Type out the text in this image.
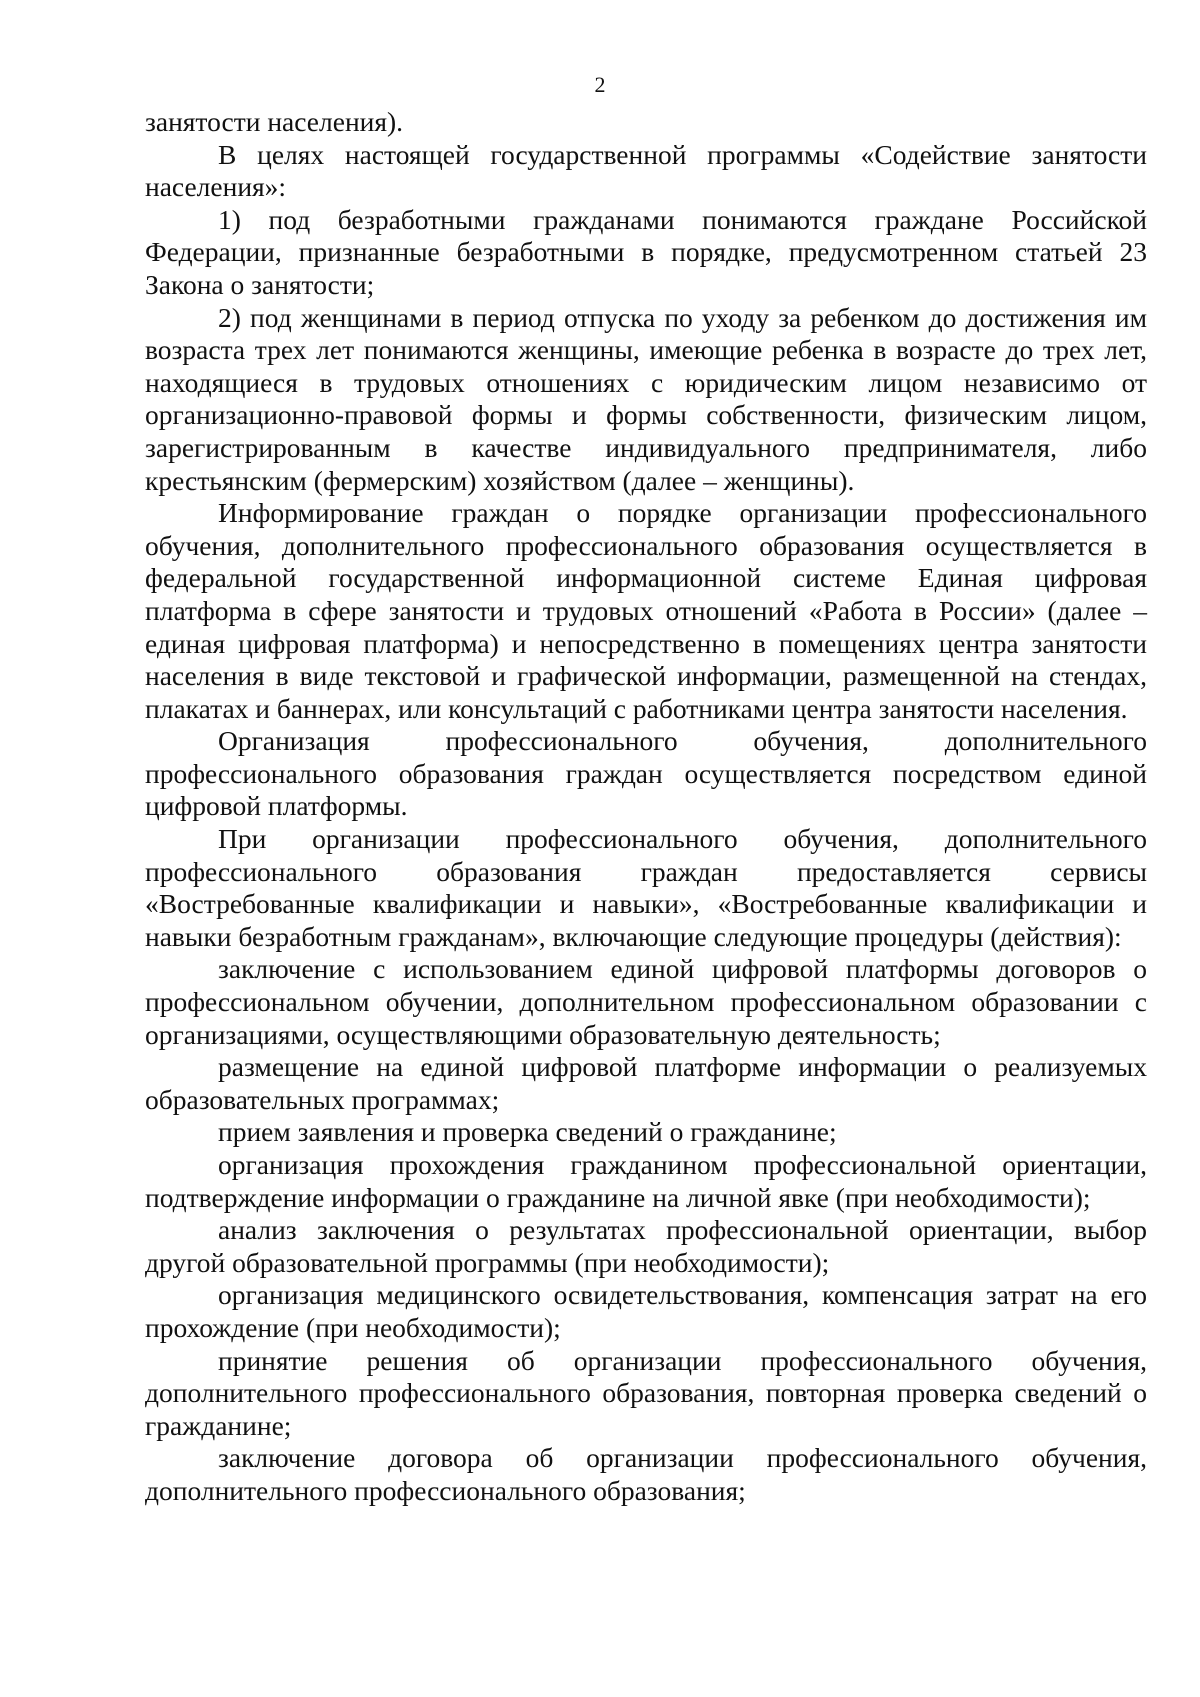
2

занятости населения).

В целях настоящей государственной программы «Содействие занятости населения»:

1) под безработными гражданами понимаются граждане Российской Федерации, признанные безработными в порядке, предусмотренном статьей 23 Закона о занятости;

2) под женщинами в период отпуска по уходу за ребенком до достижения им возраста трех лет понимаются женщины, имеющие ребенка в возрасте до трех лет, находящиеся в трудовых отношениях с юридическим лицом независимо от организационно-правовой формы и формы собственности, физическим лицом, зарегистрированным в качестве индивидуального предпринимателя, либо крестьянским (фермерским) хозяйством (далее – женщины).

Информирование граждан о порядке организации профессионального обучения, дополнительного профессионального образования осуществляется в федеральной государственной информационной системе Единая цифровая платформа в сфере занятости и трудовых отношений «Работа в России» (далее – единая цифровая платформа) и непосредственно в помещениях центра занятости населения в виде текстовой и графической информации, размещенной на стендах, плакатах и баннерах, или консультаций с работниками центра занятости населения.

Организация профессионального обучения, дополнительного профессионального образования граждан осуществляется посредством единой цифровой платформы.

При организации профессионального обучения, дополнительного профессионального образования граждан предоставляется сервисы «Востребованные квалификации и навыки», «Востребованные квалификации и навыки безработным гражданам», включающие следующие процедуры (действия):

заключение с использованием единой цифровой платформы договоров о профессиональном обучении, дополнительном профессиональном образовании с организациями, осуществляющими образовательную деятельность;

размещение на единой цифровой платформе информации о реализуемых образовательных программах;

прием заявления и проверка сведений о гражданине;

организация прохождения гражданином профессиональной ориентации, подтверждение информации о гражданине на личной явке (при необходимости);

анализ заключения о результатах профессиональной ориентации, выбор другой образовательной программы (при необходимости);

организация медицинского освидетельствования, компенсация затрат на его прохождение (при необходимости);

принятие решения об организации профессионального обучения, дополнительного профессионального образования, повторная проверка сведений о гражданине;

заключение договора об организации профессионального обучения, дополнительного профессионального образования;
